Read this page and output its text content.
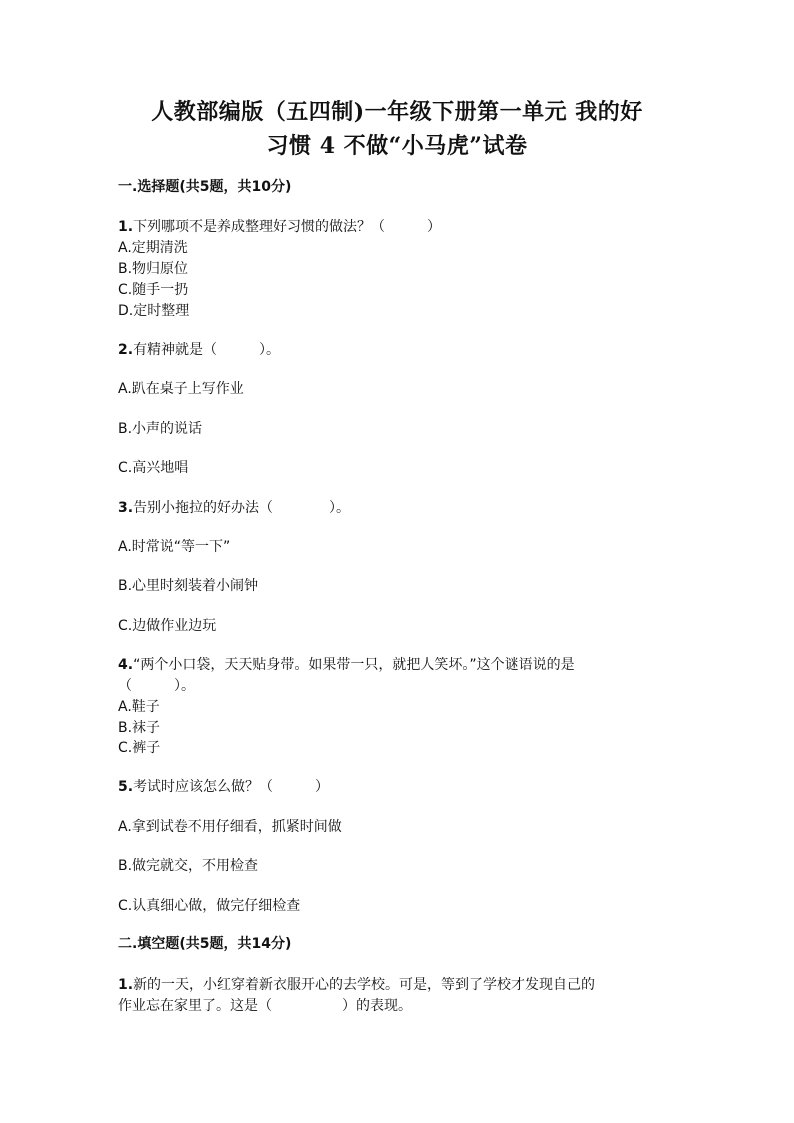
人教部编版（五四制)一年级下册第一单元 我的好
习惯 4 不做“小马虎”试卷
一.选择题(共5题，共10分)
1.下列哪项不是养成整理好习惯的做法？（　　　）
A.定期清洗
B.物归原位
C.随手一扔
D.定时整理
2.有精神就是（　　　）。
A.趴在桌子上写作业
B.小声的说话
C.高兴地唱
3.告别小拖拉的好办法（　　　　）。
A.时常说“等一下”
B.心里时刻装着小闹钟
C.边做作业边玩
4.“两个小口袋，天天贴身带。如果带一只，就把人笑坏。”这个谜语说的是
（　　　）。
A.鞋子
B.袜子
C.裤子
5.考试时应该怎么做？（　　　）
A.拿到试卷不用仔细看，抓紧时间做
B.做完就交，不用检查
C.认真细心做，做完仔细检查
二.填空题(共5题，共14分)
1.新的一天，小红穿着新衣服开心的去学校。可是，等到了学校才发现自己的
作业忘在家里了。这是（　　　　　）的表现。
